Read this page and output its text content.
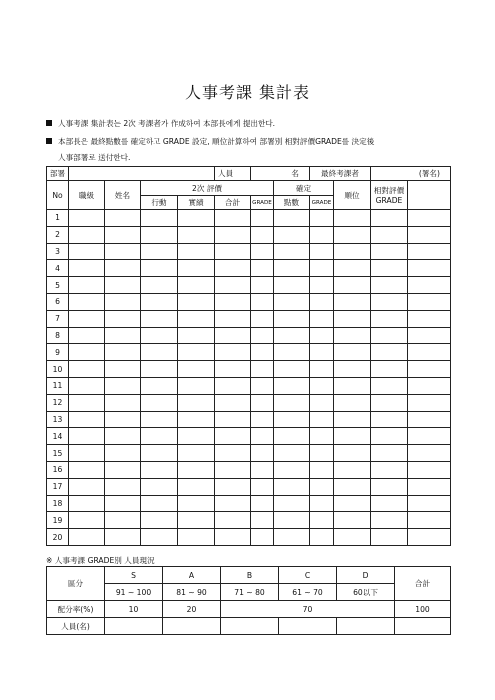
人事考課 集計表
人事考課 集計表는 2次 考課者가 作成하여 本部長에게 提出한다.
本部長은 最終點數를 確定하고 GRADE 設定, 順位計算하여 部署別 相對評價GRADE를 決定後
人事部署로 送付한다.
部署					人員	名		最終考課者		(署名)	
No	職級	姓名	2次 評價				確定		順位	相對評價GRADE	
			行動	實績	合計	GRADE	點數	GRADE			
1											
2											
3											
4											
5											
6											
7											
8											
9											
10											
11											
12											
13											
14											
15											
16											
17											
18											
19											
20											
※ 人事考課 GRADE別 人員現況
區分	S	A	B	C	D	合計
	91 ~ 100	81 ~ 90	71 ~ 80	61 ~ 70	60以下	
配分率(%)	10	20	70			100
人員(名)						
